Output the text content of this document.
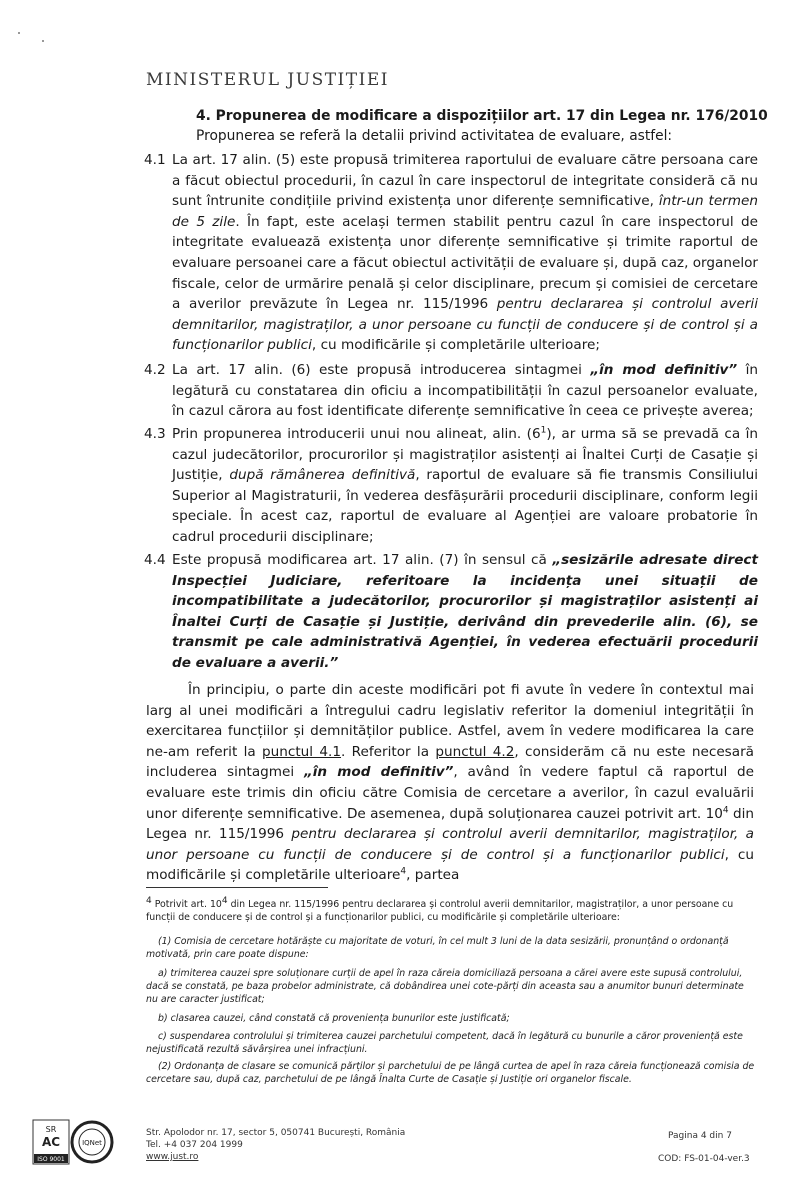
MINISTERUL JUSTIȚIEI
4. Propunerea de modificare a dispozițiilor art. 17 din Legea nr. 176/2010
Propunerea se referă la detalii privind activitatea de evaluare, astfel:
4.1 La art. 17 alin. (5) este propusă trimiterea raportului de evaluare către persoana care a făcut obiectul procedurii, în cazul în care inspectorul de integritate consideră că nu sunt întrunite condițiile privind existența unor diferențe semnificative, într-un termen de 5 zile. În fapt, este același termen stabilit pentru cazul în care inspectorul de integritate evaluează existența unor diferențe semnificative și trimite raportul de evaluare persoanei care a făcut obiectul activității de evaluare și, după caz, organelor fiscale, celor de urmărire penală și celor disciplinare, precum și comisiei de cercetare a averilor prevăzute în Legea nr. 115/1996 pentru declararea și controlul averii demnitarilor, magistraților, a unor persoane cu funcții de conducere și de control și a funcționarilor publici, cu modificările și completările ulterioare;
4.2 La art. 17 alin. (6) este propusă introducerea sintagmei „în mod definitiv” în legătură cu constatarea din oficiu a incompatibilității în cazul persoanelor evaluate, în cazul cărora au fost identificate diferențe semnificative în ceea ce privește averea;
4.3 Prin propunerea introducerii unui nou alineat, alin. $(6^1)$, ar urma să se prevadă ca în cazul judecătorilor, procurorilor și magistraților asistenți ai Înaltei Curți de Casație și Justiție, după rămânerea definitivă, raportul de evaluare să fie transmis Consiliului Superior al Magistraturii, în vederea desfășurării procedurii disciplinare, conform legii speciale. În acest caz, raportul de evaluare al Agenției are valoare probatorie în cadrul procedurii disciplinare;
4.4 Este propusă modificarea art. 17 alin. (7) în sensul că „sesizările adresate direct Inspecției Judiciare, referitoare la incidența unei situații de incompatibilitate a judecătorilor, procurorilor și magistraților asistenți ai Înaltei Curți de Casație și Justiție, derivând din prevederile alin. (6), se transmit pe cale administrativă Agenției, în vederea efectuării procedurii de evaluare a averii.”
În principiu, o parte din aceste modificări pot fi avute în vedere în contextul mai larg al unei modificări a întregului cadru legislativ referitor la domeniul integrității în exercitarea funcțiilor și demnităților publice. Astfel, avem în vedere modificarea la care ne-am referit la punctul 4.1. Referitor la punctul 4.2, considerăm că nu este necesară includerea sintagmei „în mod definitiv”, având în vedere faptul că raportul de evaluare este trimis din oficiu către Comisia de cercetare a averilor, în cazul evaluării unor diferențe semnificative. De asemenea, după soluționarea cauzei potrivit art. $10^4$ din Legea nr. 115/1996 pentru declararea și controlul averii demnitarilor, magistraților, a unor persoane cu funcții de conducere și de control și a funcționarilor publici, cu modificările și completările ulterioare$^4$, partea
$^4$ Potrivit art. $10^4$ din Legea nr. 115/1996 pentru declararea și controlul averii demnitarilor, magistraților, a unor persoane cu funcții de conducere și de control și a funcționarilor publici, cu modificările și completările ulterioare:
(1) Comisia de cercetare hotărăște cu majoritate de voturi, în cel mult 3 luni de la data sesizării, pronunțând o ordonanță motivată, prin care poate dispune:
a) trimiterea cauzei spre soluționare curții de apel în raza căreia domiciliază persoana a cărei avere este supusă controlului, dacă se constată, pe baza probelor administrate, că dobândirea unei cote-părți din aceasta sau a anumitor bunuri determinate nu are caracter justificat;
b) clasarea cauzei, când constată că proveniența bunurilor este justificată;
c) suspendarea controlului și trimiterea cauzei parchetului competent, dacă în legătură cu bunurile a căror proveniență este nejustificată rezultă săvârșirea unei infracțiuni.
(2) Ordonanța de clasare se comunică părților și parchetului de pe lângă curtea de apel în raza căreia funcționează comisia de cercetare sau, după caz, parchetului de pe lângă Înalta Curte de Casație și Justiție ori organelor fiscale.
SR
AC
ISO 9001
IQNet
Str. Apolodor nr. 17, sector 5, 050741 București, România
Tel. +4 037 204 1999
www.just.ro
Pagina 4 din 7
COD: FS-01-04-ver.3
